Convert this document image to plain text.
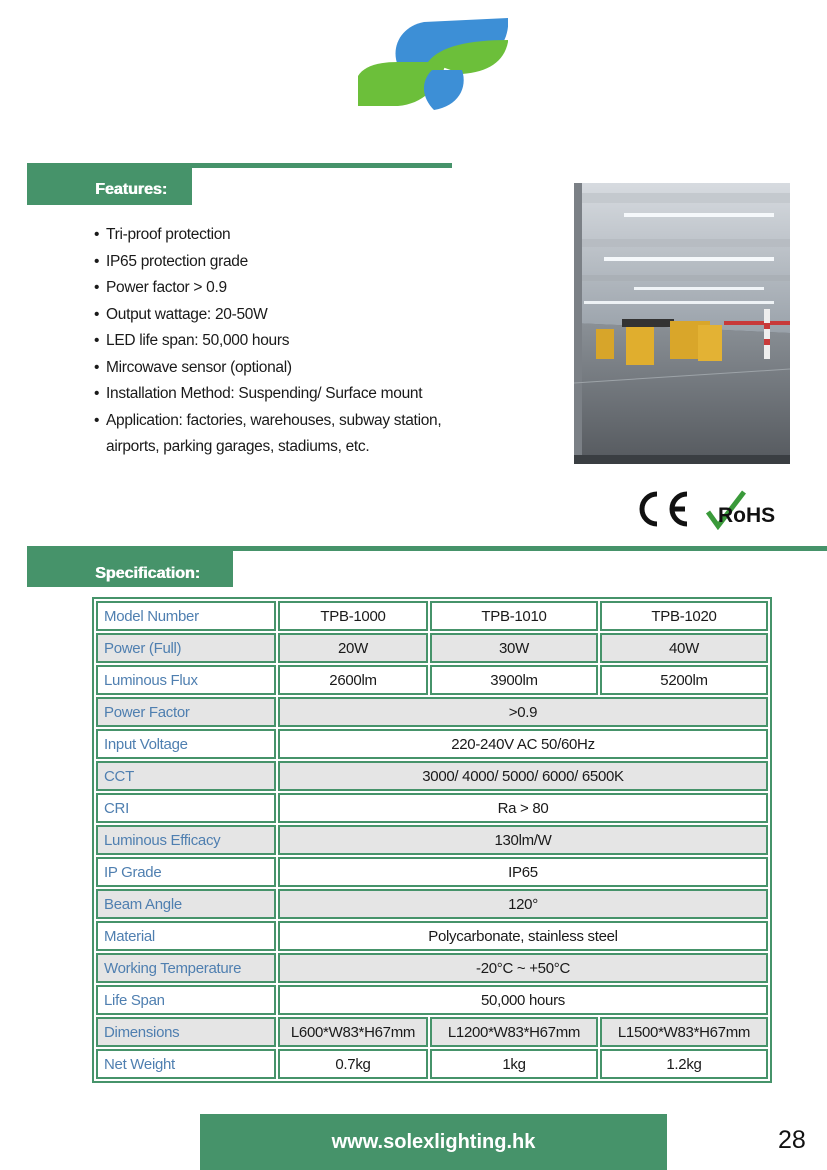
Features:
• Tri-proof protection
• IP65 protection grade
• Power factor > 0.9
• Output wattage: 20-50W
• LED life span: 50,000 hours
• Mircowave sensor (optional)
• Installation Method: Suspending/ Surface mount
• Application: factories, warehouses, subway station,
airports, parking garages, stadiums, etc.
RoHS
Specification:
Model Number	TPB-1000	TPB-1010	TPB-1020
Power (Full)	20W	30W	40W
Luminous Flux	2600lm	3900lm	5200lm
Power Factor	>0.9		
Input Voltage	220-240V AC 50/60Hz		
CCT	3000/ 4000/ 5000/ 6000/ 6500K		
CRI	Ra > 80		
Luminous Efficacy	130lm/W		
IP Grade	IP65		
Beam Angle	120°		
Material	Polycarbonate, stainless steel		
Working Temperature	-20°C ~ +50°C		
Life Span	50,000 hours		
Dimensions	L600*W83*H67mm	L1200*W83*H67mm	L1500*W83*H67mm
Net Weight	0.7kg	1kg	1.2kg
www.solexlighting.hk	28
